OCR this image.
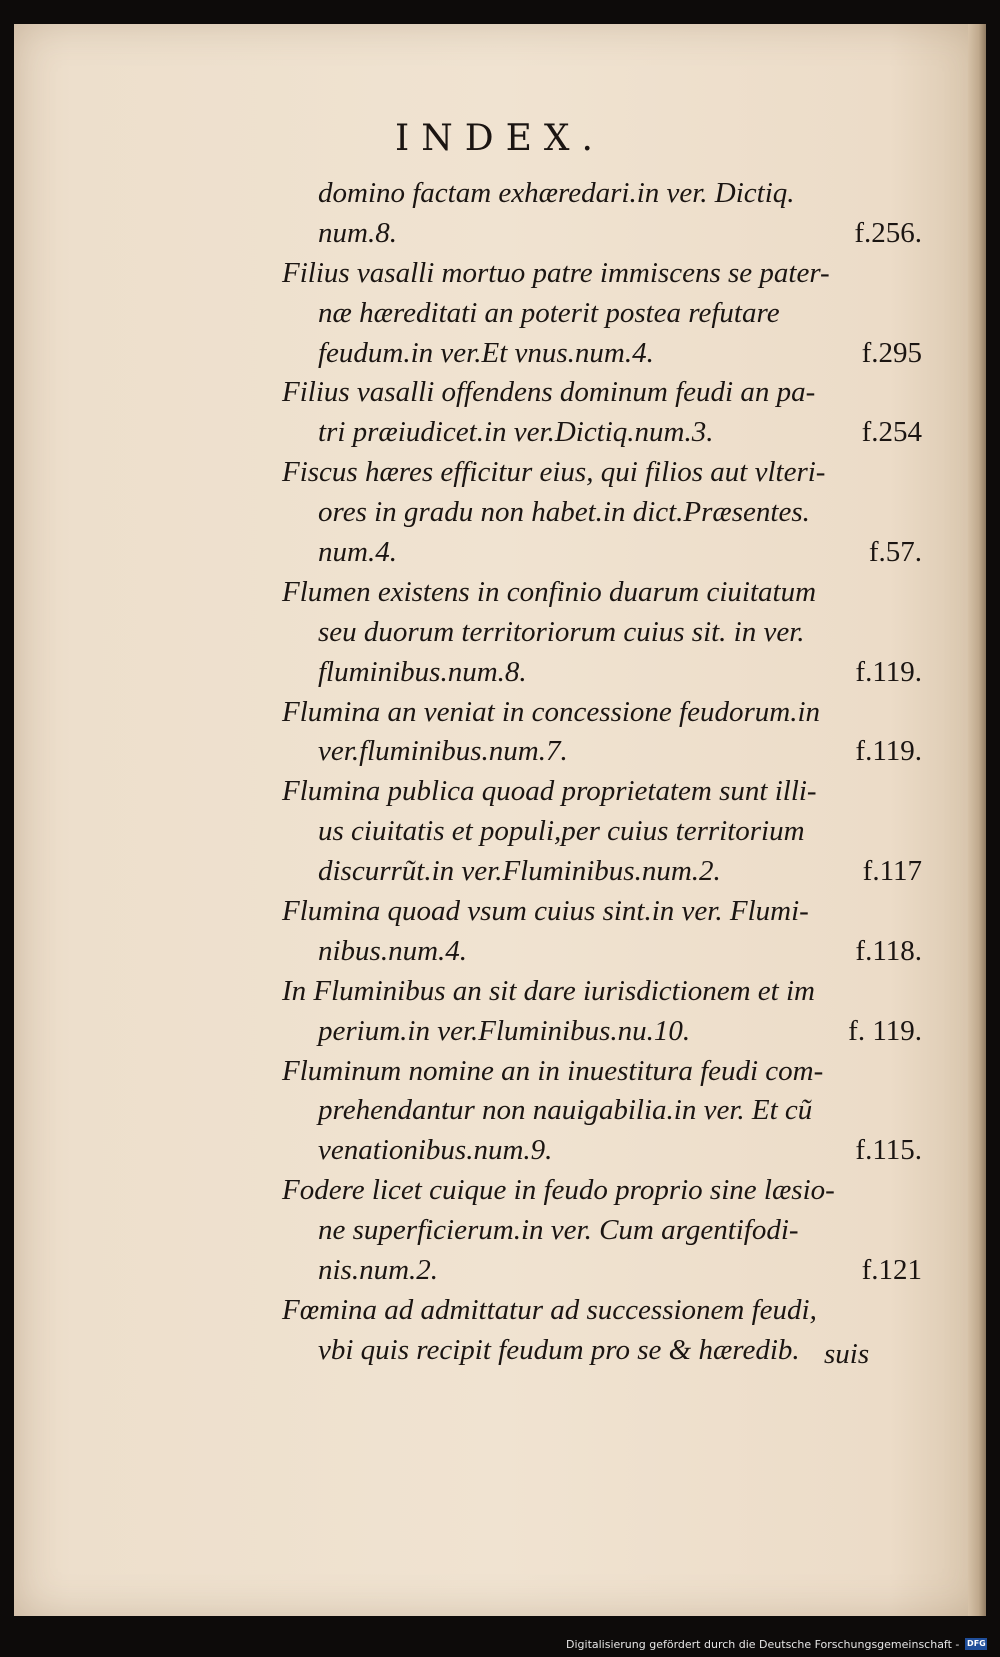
INDEX.
domino factam exhæredari.in ver. Dictiq.
num.8.	f.256.
Filius vasalli mortuo patre immiscens se pater-
næ hæreditati an poterit postea refutare
feudum.in ver.Et vnus.num.4.	f.295
Filius vasalli offendens dominum feudi an pa-
tri præiudicet.in ver.Dictiq.num.3.	f.254
Fiscus hæres efficitur eius, qui filios aut vlteri-
ores in gradu non habet.in dict.Præsentes.
num.4.	f.57.
Flumen existens in confinio duarum ciuitatum
seu duorum territoriorum cuius sit. in ver.
fluminibus.num.8.	f.119.
Flumina an veniat in concessione feudorum.in
ver.fluminibus.num.7.	f.119.
Flumina publica quoad proprietatem sunt illi-
us ciuitatis et populi,per cuius territorium
discurrũt.in ver.Fluminibus.num.2.	f.117
Flumina quoad vsum cuius sint.in ver. Flumi-
nibus.num.4.	f.118.
In Fluminibus an sit dare iurisdictionem et im
perium.in ver.Fluminibus.nu.10.	f. 119.
Fluminum nomine an in inuestitura feudi com-
prehendantur non nauigabilia.in ver. Et cũ
venationibus.num.9.	f.115.
Fodere licet cuique in feudo proprio sine læsio-
ne superficierum.in ver. Cum argentifodi-
nis.num.2.	f.121
Fœmina ad admittatur ad successionem feudi,
vbi quis recipit feudum pro se & hæredib. suis
Digitalisierung gefördert durch die Deutsche Forschungsgemeinschaft - DFG
